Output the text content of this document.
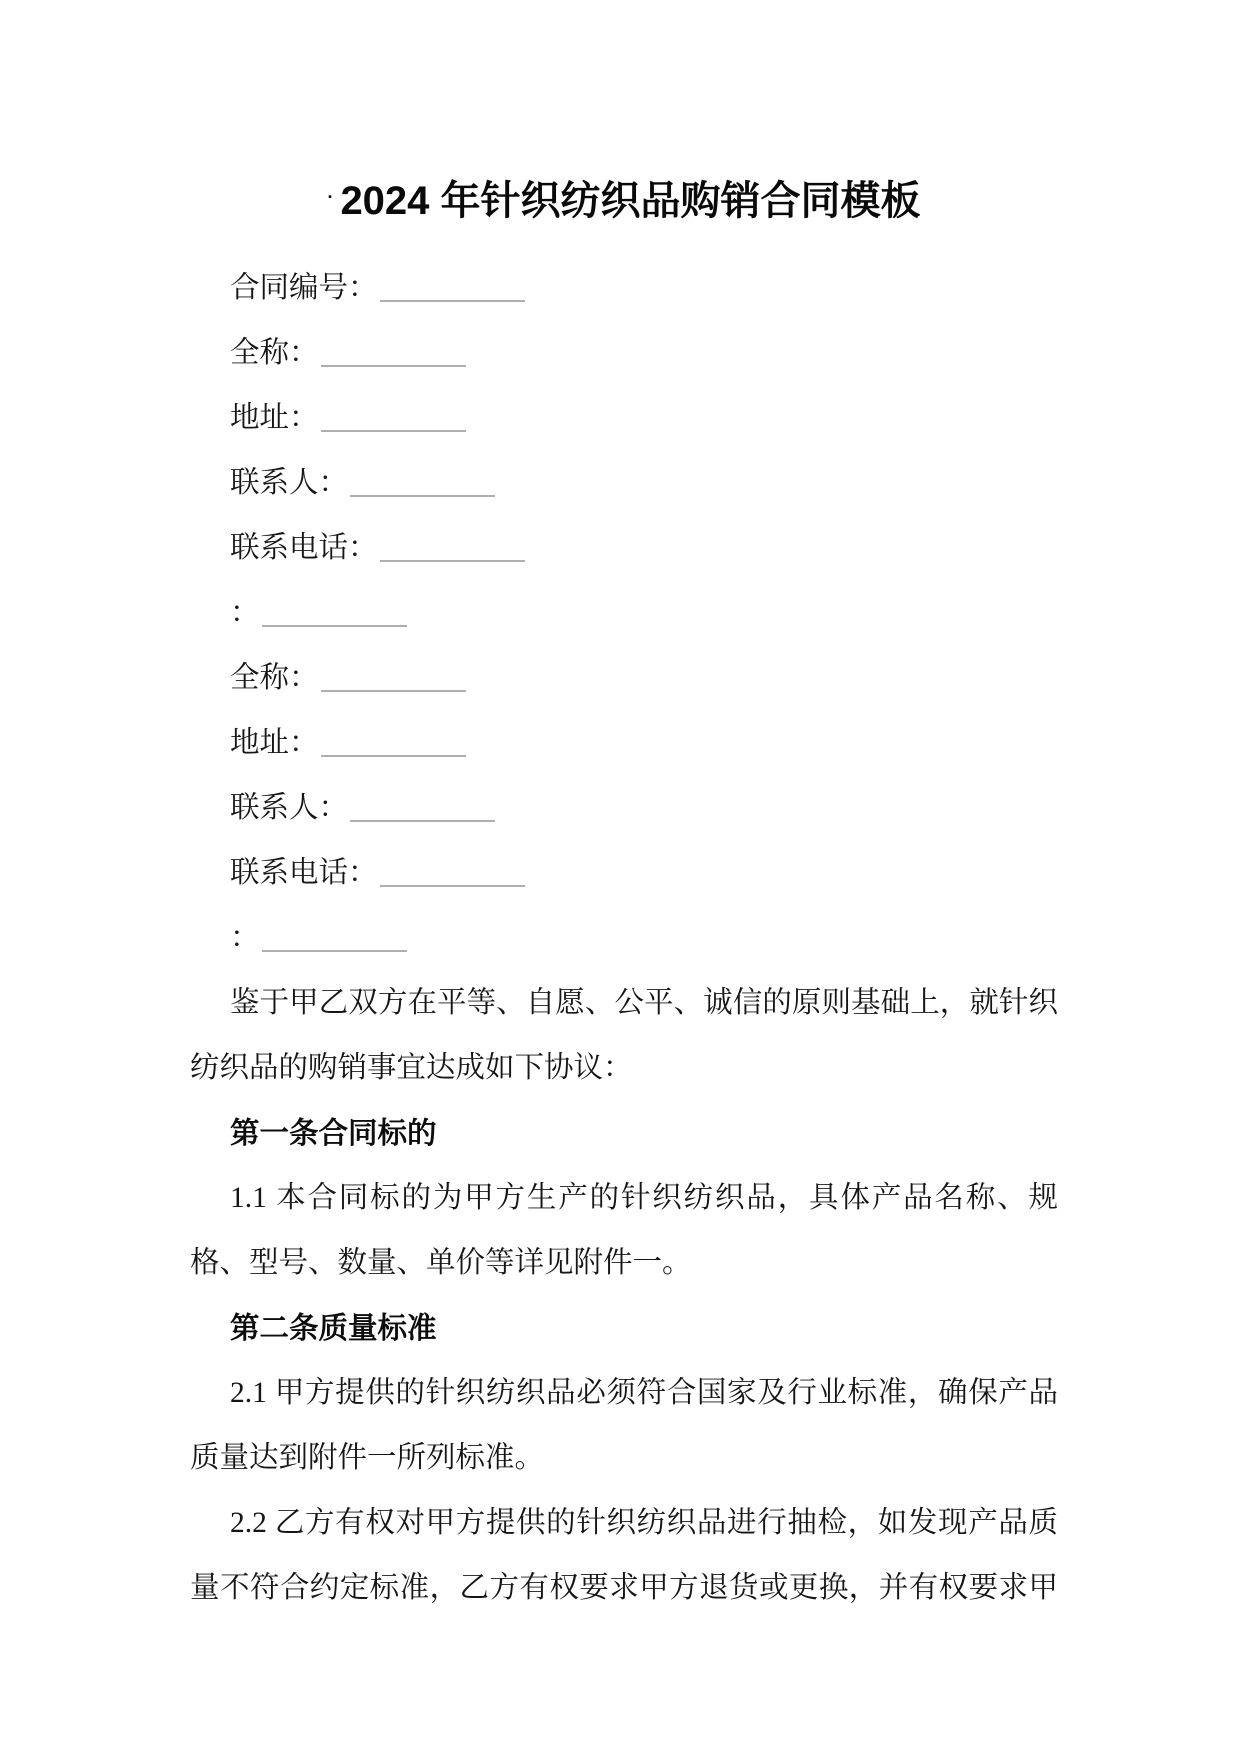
· 2024 年针织纺织品购销合同模板
合同编号：
全称：
地址：
联系人：
联系电话：
：
全称：
地址：
联系人：
联系电话：
：
鉴于甲乙双方在平等、自愿、公平、诚信的原则基础上，就针织
纺织品的购销事宜达成如下协议：
第一条合同标的
1.1 本合同标的为甲方生产的针织纺织品，具体产品名称、规
格、型号、数量、单价等详见附件一。
第二条质量标准
2.1 甲方提供的针织纺织品必须符合国家及行业标准，确保产品
质量达到附件一所列标准。
2.2 乙方有权对甲方提供的针织纺织品进行抽检，如发现产品质
量不符合约定标准，乙方有权要求甲方退货或更换，并有权要求甲
